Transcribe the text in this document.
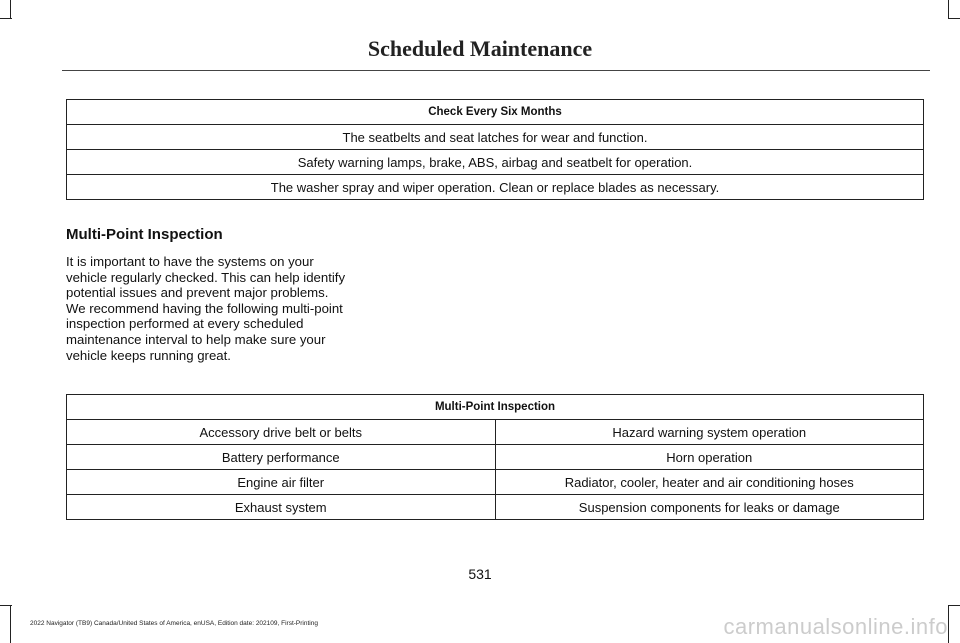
Scheduled Maintenance
Check Every Six Months
The seatbelts and seat latches for wear and function.
Safety warning lamps, brake, ABS, airbag and seatbelt for operation.
The washer spray and wiper operation. Clean or replace blades as necessary.
Multi-Point Inspection
It is important to have the systems on your vehicle regularly checked. This can help identify potential issues and prevent major problems. We recommend having the following multi-point inspection performed at every scheduled maintenance interval to help make sure your vehicle keeps running great.
Multi-Point Inspection	
Accessory drive belt or belts	Hazard warning system operation
Battery performance	Horn operation
Engine air filter	Radiator, cooler, heater and air conditioning hoses
Exhaust system	Suspension components for leaks or damage
531
2022 Navigator (TB9) Canada/United States of America, enUSA, Edition date: 202109, First-Printing	carmanualsonline.info
